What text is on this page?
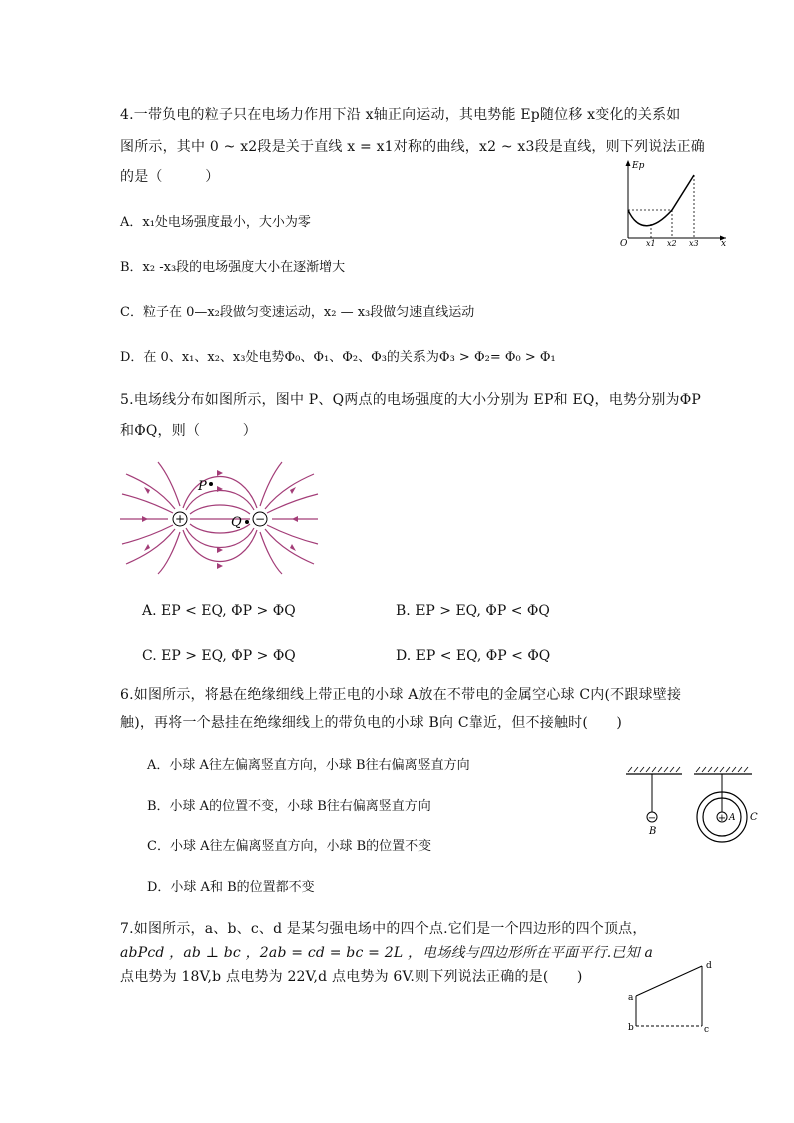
4.一带负电的粒子只在电场力作用下沿 x轴正向运动，其电势能 Ep随位移 x变化的关系如
图所示，其中 0 ~ x2段是关于直线 x = x1对称的曲线，x2 ~ x3段是直线，则下列说法正确
的是（　　　）
Ep
O x1 x2 x3 x
A．x₁处电场强度最小，大小为零
B．x₂ -x₃段的电场强度大小在逐渐增大
C．粒子在 0—x₂段做匀变速运动，x₂ — x₃段做匀速直线运动
D．在 0、x₁、x₂、x₃处电势Φ₀、Φ₁、Φ₂、Φ₃的关系为Φ₃ > Φ₂= Φ₀ > Φ₁
5.电场线分布如图所示，图中 P、Q两点的电场强度的大小分别为 EP和 EQ，电势分别为ΦP
和ΦQ，则（　　　）
+	−
P
Q
A. EP < EQ, ΦP > ΦQ	B. EP > EQ, ΦP < ΦQ
C. EP > EQ, ΦP > ΦQ	D. EP < EQ, ΦP < ΦQ
6.如图所示，将悬在绝缘细线上带正电的小球 A放在不带电的金属空心球 C内(不跟球壁接
触)，再将一个悬挂在绝缘细线上的带负电的小球 B向 C靠近，但不接触时(　　)
A．小球 A往左偏离竖直方向，小球 B往右偏离竖直方向
B．小球 A的位置不变，小球 B往右偏离竖直方向
C．小球 A往左偏离竖直方向，小球 B的位置不变
D．小球 A和 B的位置都不变
−
B
+ A C
7.如图所示，a、b、c、d 是某匀强电场中的四个点.它们是一个四边形的四个顶点，
abPcd ，ab ⊥ bc ，2ab = cd = bc = 2L ，电场线与四边形所在平面平行.已知 a
点电势为 18V,b 点电势为 22V,d 点电势为 6V.则下列说法正确的是(　　)
a
b	c
d
